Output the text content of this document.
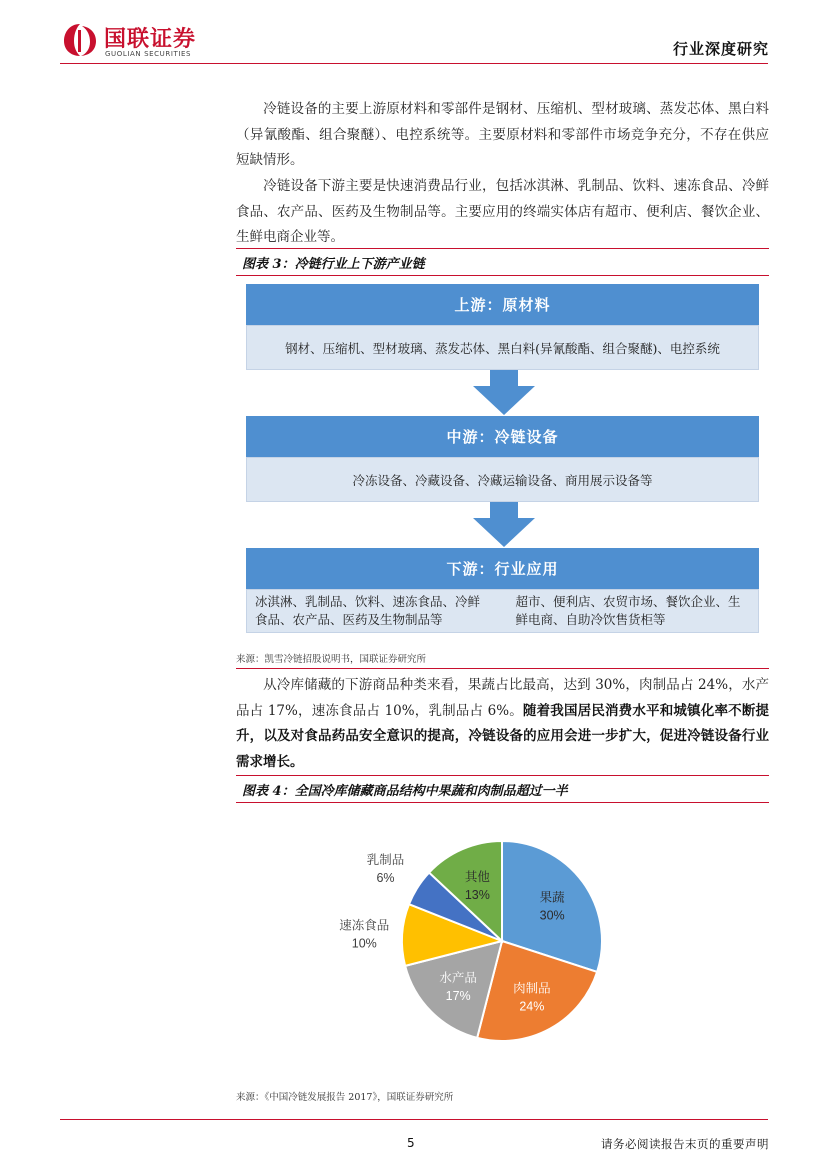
国联证券
GUOLIAN SECURITIES	行业深度研究
冷链设备的主要上游原材料和零部件是钢材、压缩机、型材玻璃、蒸发芯体、黑白料（异氰酸酯、组合聚醚）、电控系统等。主要原材料和零部件市场竞争充分，不存在供应短缺情形。
冷链设备下游主要是快速消费品行业，包括冰淇淋、乳制品、饮料、速冻食品、冷鲜食品、农产品、医药及生物制品等。主要应用的终端实体店有超市、便利店、餐饮企业、生鲜电商企业等。
图表 3：冷链行业上下游产业链
上游：原材料
钢材、压缩机、型材玻璃、蒸发芯体、黑白料(异氰酸酯、组合聚醚)、电控系统
中游：冷链设备
冷冻设备、冷藏设备、冷藏运输设备、商用展示设备等
下游：行业应用
冰淇淋、乳制品、饮料、速冻食品、冷鲜食品、农产品、医药及生物制品等
超市、便利店、农贸市场、餐饮企业、生鲜电商、自助冷饮售货柜等
来源：凯雪冷链招股说明书，国联证券研究所
从冷库储藏的下游商品种类来看，果蔬占比最高，达到 30%，肉制品占 24%，水产品占 17%，速冻食品占 10%，乳制品占 6%。随着我国居民消费水平和城镇化率不断提升，以及对食品药品安全意识的提高，冷链设备的应用会进一步扩大，促进冷链设备行业需求增长。
图表 4：全国冷库储藏商品结构中果蔬和肉制品超过一半
果蔬
30%
肉制品
24%
水产品
17%
速冻食品
10%
乳制品
6%	其他
13%
来源：《中国冷链发展报告 2017》，国联证券研究所
5	请务必阅读报告末页的重要声明
